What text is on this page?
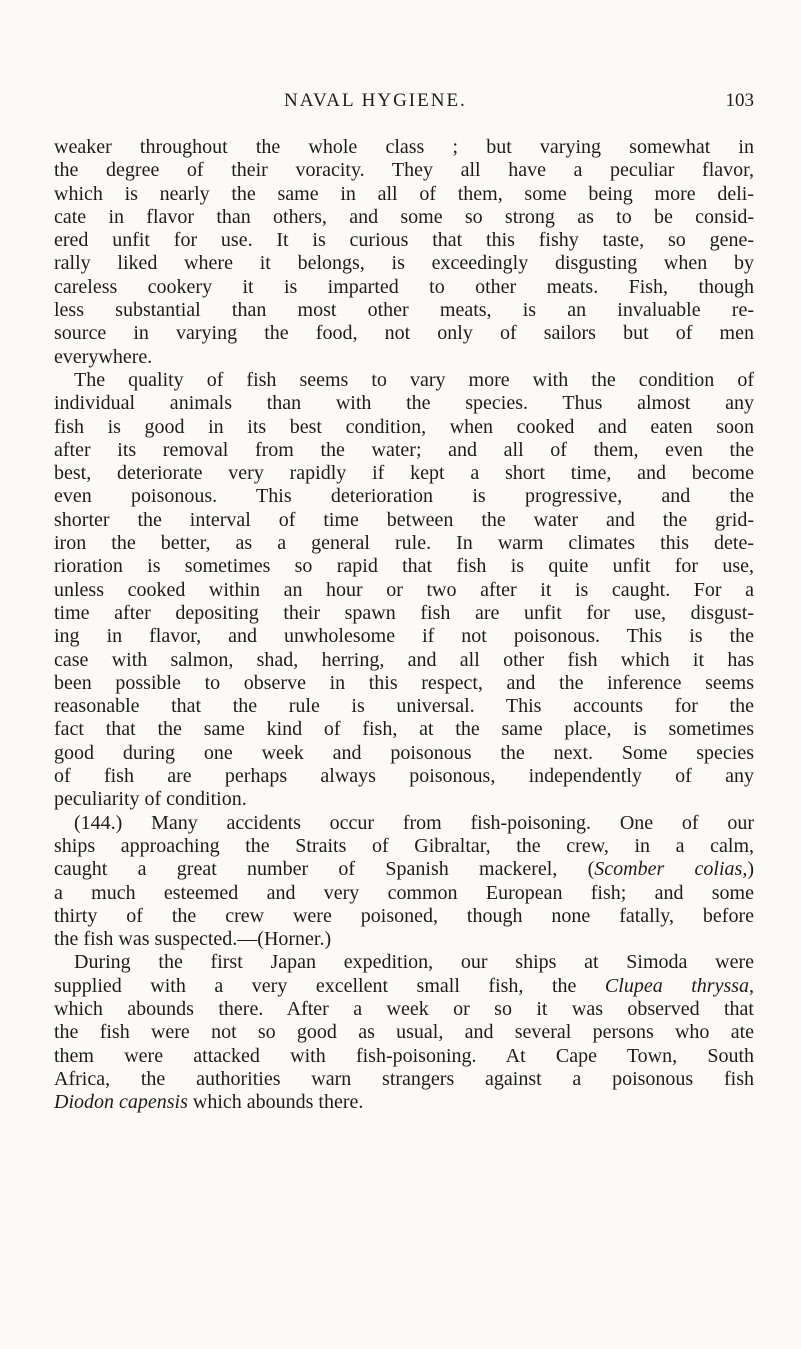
NAVAL HYGIENE.	103
weaker throughout the whole class ; but varying somewhat in
the degree of their voracity. They all have a peculiar flavor,
which is nearly the same in all of them, some being more deli-
cate in flavor than others, and some so strong as to be consid-
ered unfit for use. It is curious that this fishy taste, so gene-
rally liked where it belongs, is exceedingly disgusting when by
careless cookery it is imparted to other meats. Fish, though
less substantial than most other meats, is an invaluable re-
source in varying the food, not only of sailors but of men
everywhere.
The quality of fish seems to vary more with the condition of
individual animals than with the species. Thus almost any
fish is good in its best condition, when cooked and eaten soon
after its removal from the water; and all of them, even the
best, deteriorate very rapidly if kept a short time, and become
even poisonous. This deterioration is progressive, and the
shorter the interval of time between the water and the grid-
iron the better, as a general rule. In warm climates this dete-
rioration is sometimes so rapid that fish is quite unfit for use,
unless cooked within an hour or two after it is caught. For a
time after depositing their spawn fish are unfit for use, disgust-
ing in flavor, and unwholesome if not poisonous. This is the
case with salmon, shad, herring, and all other fish which it has
been possible to observe in this respect, and the inference seems
reasonable that the rule is universal. This accounts for the
fact that the same kind of fish, at the same place, is sometimes
good during one week and poisonous the next. Some species
of fish are perhaps always poisonous, independently of any
peculiarity of condition.
(144.) Many accidents occur from fish-poisoning. One of our
ships approaching the Straits of Gibraltar, the crew, in a calm,
caught a great number of Spanish mackerel, (Scomber colias,)
a much esteemed and very common European fish; and some
thirty of the crew were poisoned, though none fatally, before
the fish was suspected.—(Horner.)
During the first Japan expedition, our ships at Simoda were
supplied with a very excellent small fish, the Clupea thryssa,
which abounds there. After a week or so it was observed that
the fish were not so good as usual, and several persons who ate
them were attacked with fish-poisoning. At Cape Town, South
Africa, the authorities warn strangers against a poisonous fish
Diodon capensis which abounds there.
